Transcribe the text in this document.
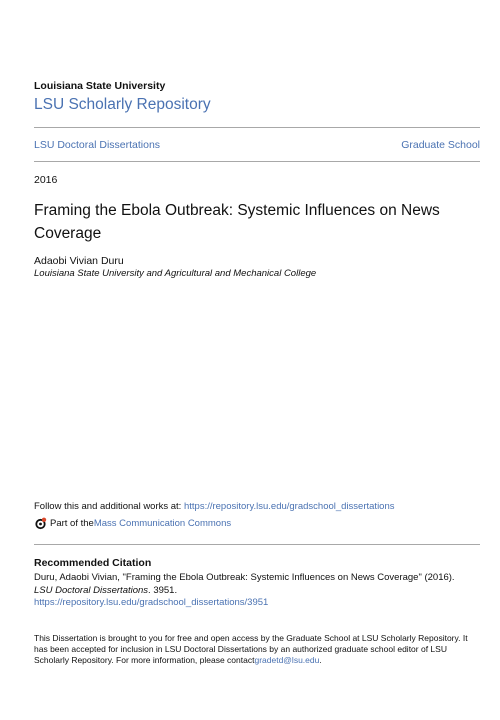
Louisiana State University
LSU Scholarly Repository
LSU Doctoral Dissertations	Graduate School
2016
Framing the Ebola Outbreak: Systemic Influences on News Coverage
Adaobi Vivian Duru
Louisiana State University and Agricultural and Mechanical College
Follow this and additional works at: https://repository.lsu.edu/gradschool_dissertations
Part of the Mass Communication Commons
Recommended Citation
Duru, Adaobi Vivian, "Framing the Ebola Outbreak: Systemic Influences on News Coverage" (2016). LSU Doctoral Dissertations. 3951.
https://repository.lsu.edu/gradschool_dissertations/3951
This Dissertation is brought to you for free and open access by the Graduate School at LSU Scholarly Repository. It has been accepted for inclusion in LSU Doctoral Dissertations by an authorized graduate school editor of LSU Scholarly Repository. For more information, please contactgradetd@lsu.edu.
